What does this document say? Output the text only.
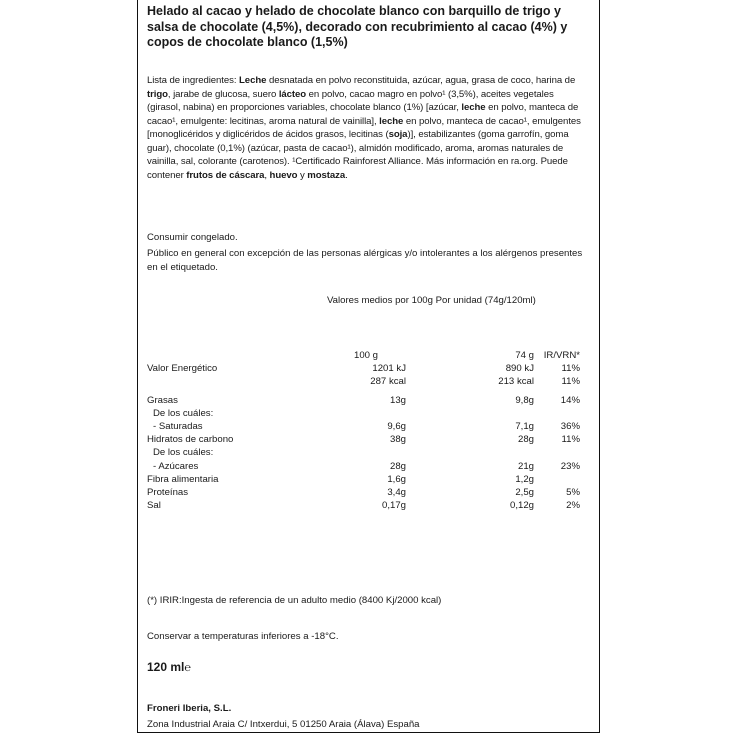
Helado al cacao y helado de chocolate blanco con barquillo de trigo y salsa de chocolate (4,5%), decorado con recubrimiento al cacao (4%) y copos de chocolate blanco (1,5%)

Lista de ingredientes: Leche desnatada en polvo reconstituida, azúcar, agua, grasa de coco, harina de trigo, jarabe de glucosa, suero lácteo en polvo, cacao magro en polvo¹ (3,5%), aceites vegetales (girasol, nabina) en proporciones variables, chocolate blanco (1%) [azúcar, leche en polvo, manteca de cacao¹, emulgente: lecitinas, aroma natural de vainilla], leche en polvo, manteca de cacao¹, emulgentes [monoglicéridos y diglicéridos de ácidos grasos, lecitinas (soja)], estabilizantes (goma garrofín, goma guar), chocolate (0,1%) (azúcar, pasta de cacao¹), almidón modificado, aroma, aromas naturales de vainilla, sal, colorante (carotenos). ¹Certificado Rainforest Alliance. Más información en ra.org. Puede contener frutos de cáscara, huevo y mostaza.
Consumir congelado.
Público en general con excepción de las personas alérgicas y/o intolerantes a los alérgenos presentes en el etiquetado.
Valores medios por 100g Por unidad (74g/120ml)
	100 g	74 g	IR/VRN*
Valor Energético	1201 kJ	890 kJ	11%
	287 kcal	213 kcal	11%

Grasas	13g	9,8g	14%
De los cuáles:			
- Saturadas	9,6g	7,1g	36%
Hidratos de carbono	38g	28g	11%
De los cuáles:			
- Azúcares	28g	21g	23%
Fibra alimentaria	1,6g	1,2g	
Proteínas	3,4g	2,5g	5%
Sal	0,17g	0,12g	2%
(*) IRIR:Ingesta de referencia de un adulto medio (8400 Kj/2000 kcal)
Conservar a temperaturas inferiores a -18°C.
120 ml℮
Froneri Iberia, S.L.
Zona Industrial Araia C/ Intxerdui, 5 01250 Araia (Álava) España
